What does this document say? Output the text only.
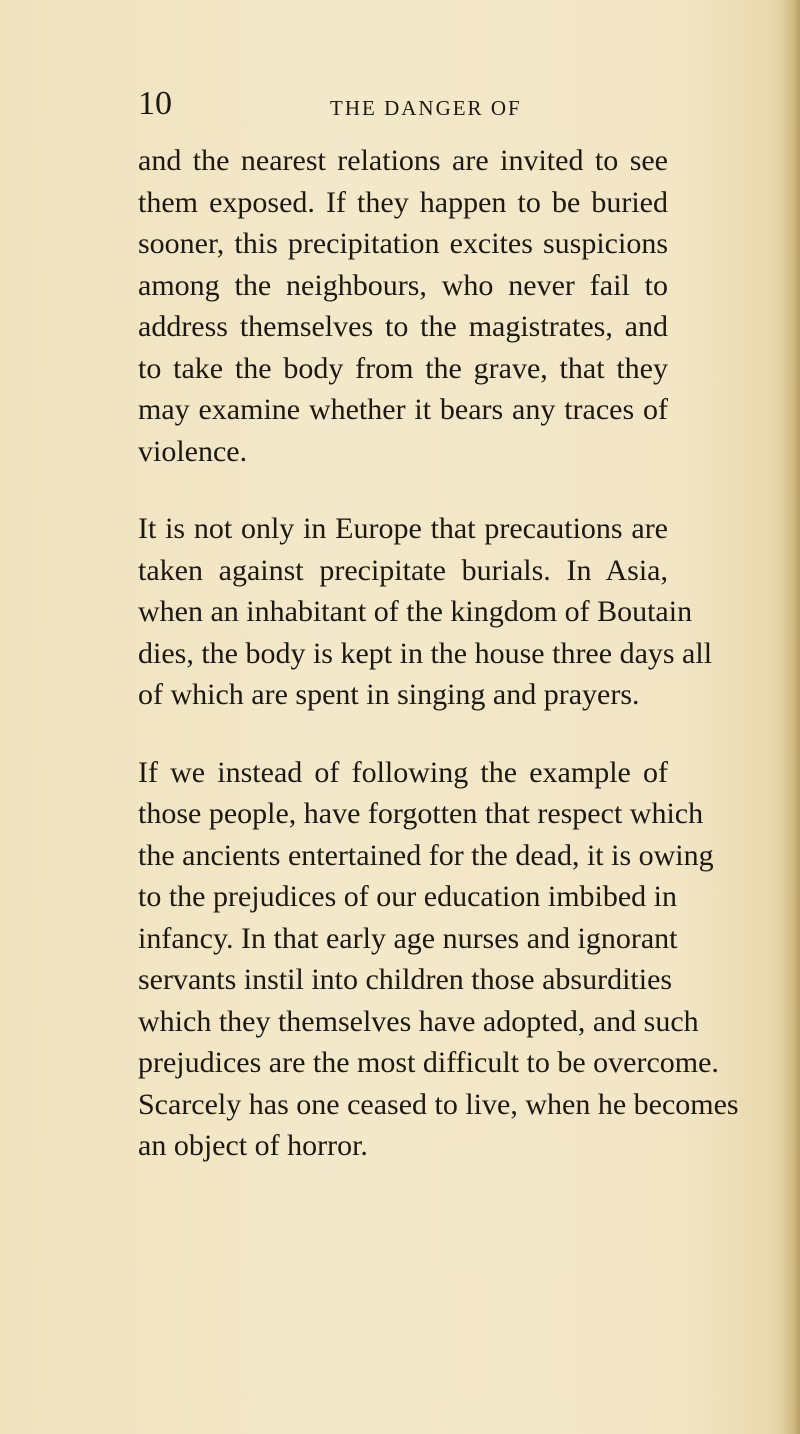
10	THE DANGER OF

and the nearest relations are invited to see
them exposed. If they happen to be buried
sooner, this precipitation excites suspicions
among the neighbours, who never fail to
address themselves to the magistrates, and
to take the body from the grave, that they
may examine whether it bears any traces of
violence.

It is not only in Europe that precautions are
taken against precipitate burials. In Asia,
when an inhabitant of the kingdom of Boutain
dies, the body is kept in the house three days all
of which are spent in singing and prayers.

If we instead of following the example of
those people, have forgotten that respect which
the ancients entertained for the dead, it is owing
to the prejudices of our education imbibed in
infancy. In that early age nurses and ignorant
servants instil into children those absurdities
which they themselves have adopted, and such
prejudices are the most difficult to be overcome.
Scarcely has one ceased to live, when he becomes
an object of horror.
